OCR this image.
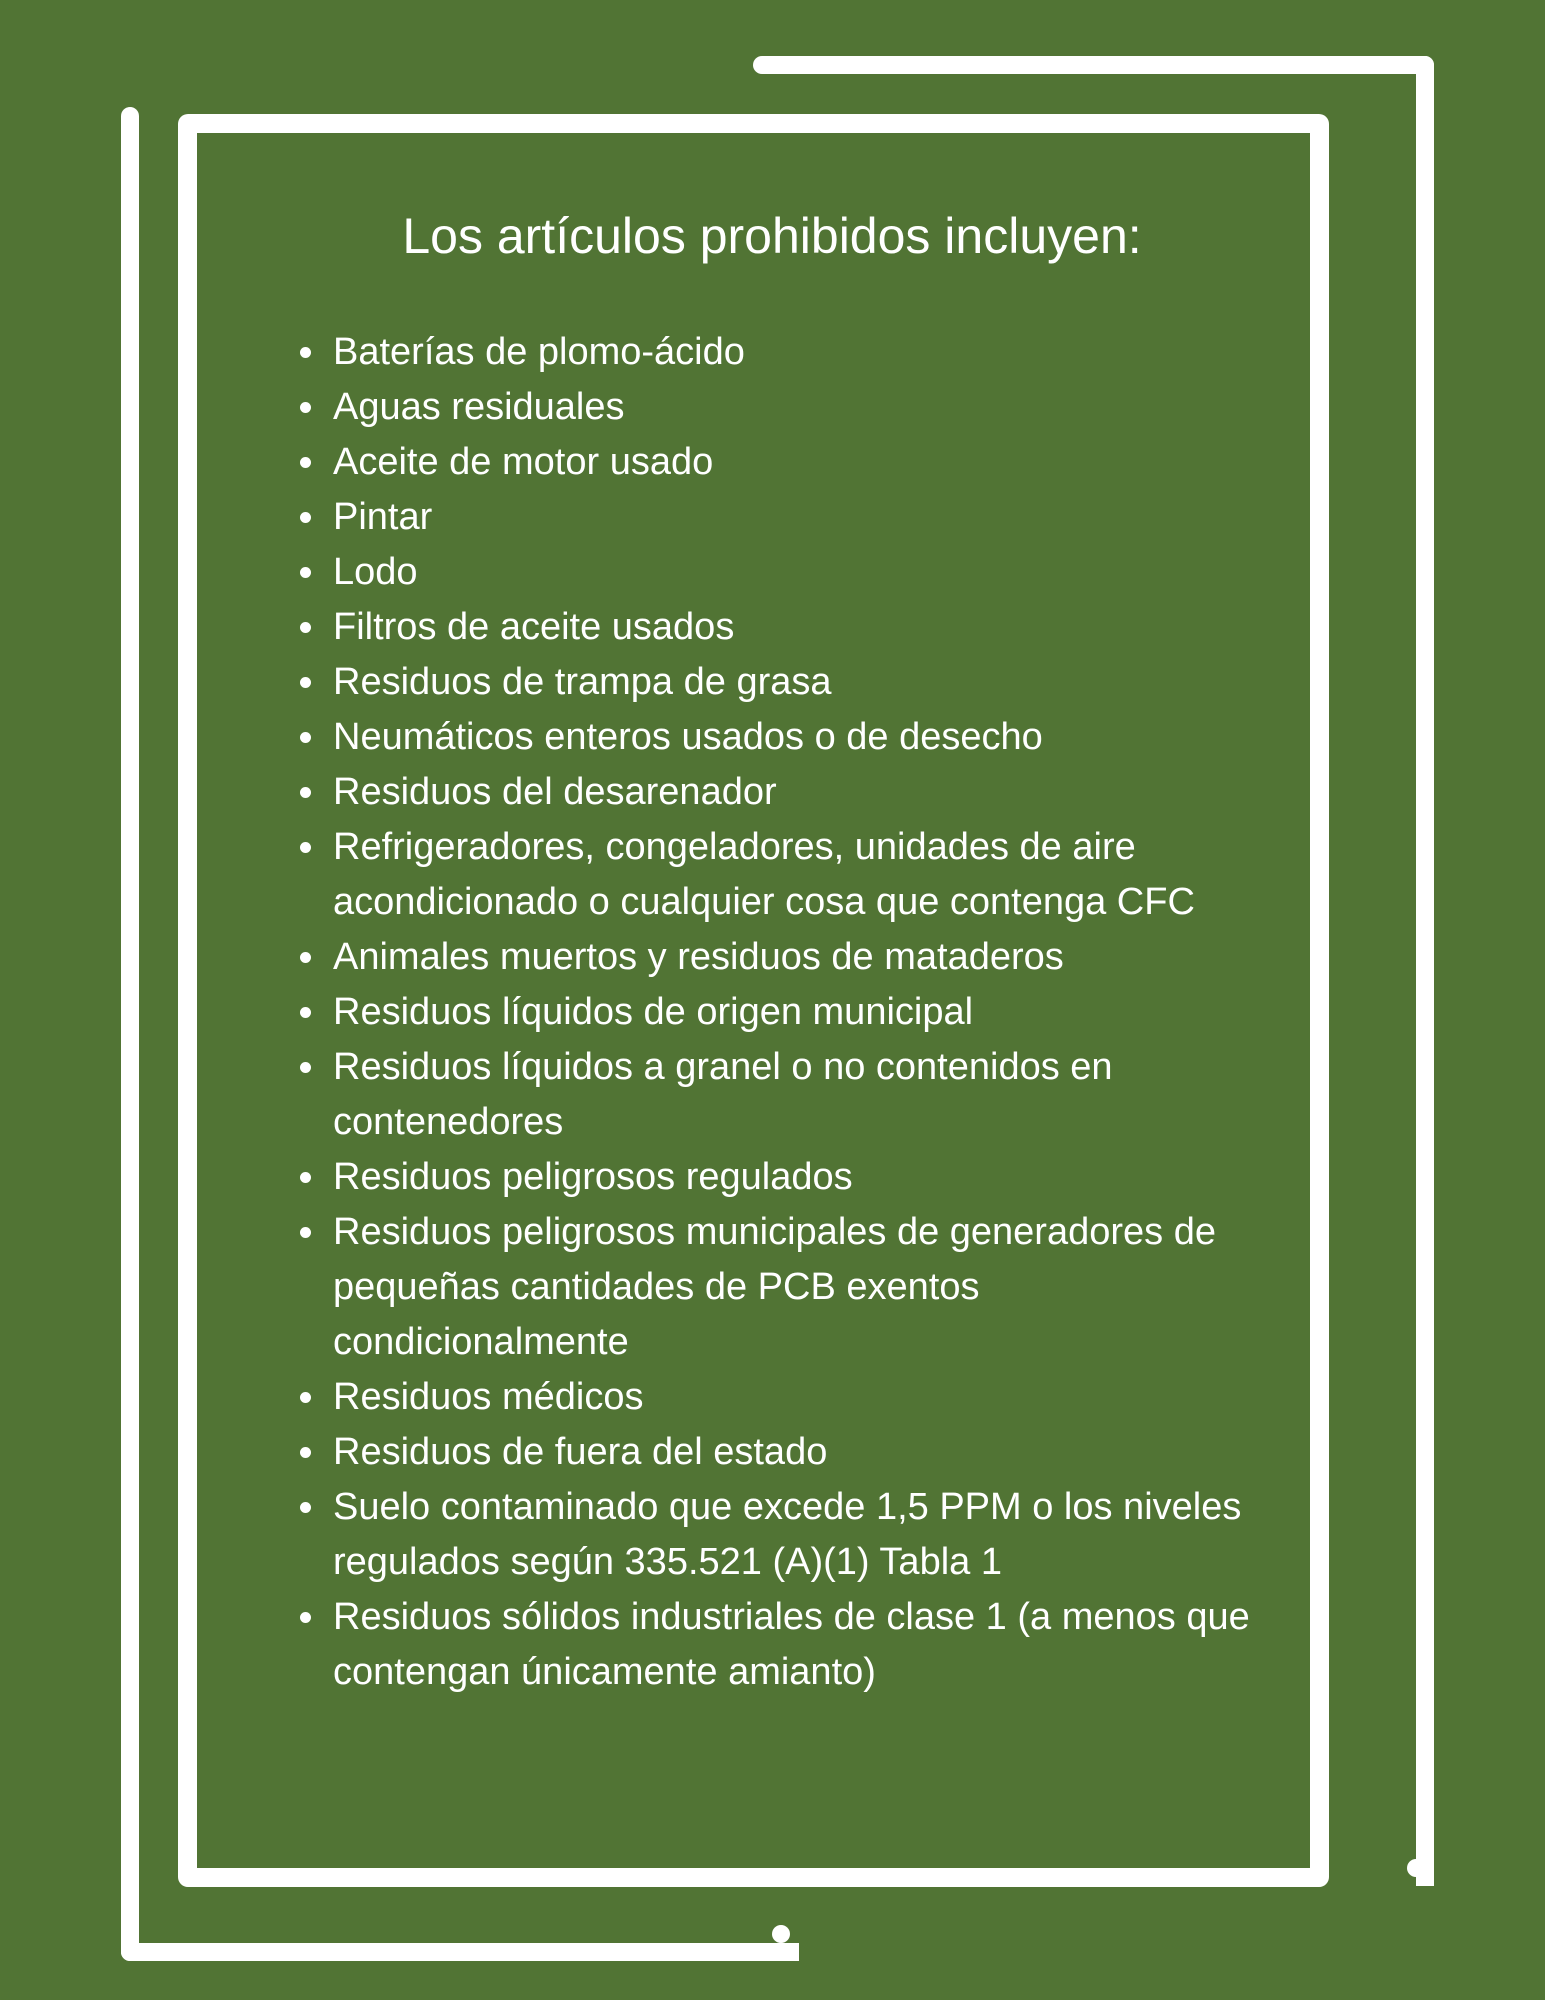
Los artículos prohibidos incluyen:
Baterías de plomo-ácido
Aguas residuales
Aceite de motor usado
Pintar
Lodo
Filtros de aceite usados
Residuos de trampa de grasa
Neumáticos enteros usados o de desecho
Residuos del desarenador
Refrigeradores, congeladores, unidades de aire acondicionado o cualquier cosa que contenga CFC
Animales muertos y residuos de mataderos
Residuos líquidos de origen municipal
Residuos líquidos a granel o no contenidos en contenedores
Residuos peligrosos regulados
Residuos peligrosos municipales de generadores de pequeñas cantidades de PCB exentos condicionalmente
Residuos médicos
Residuos de fuera del estado
Suelo contaminado que excede 1,5 PPM o los niveles regulados según 335.521 (A)(1) Tabla 1
Residuos sólidos industriales de clase 1 (a menos que contengan únicamente amianto)
